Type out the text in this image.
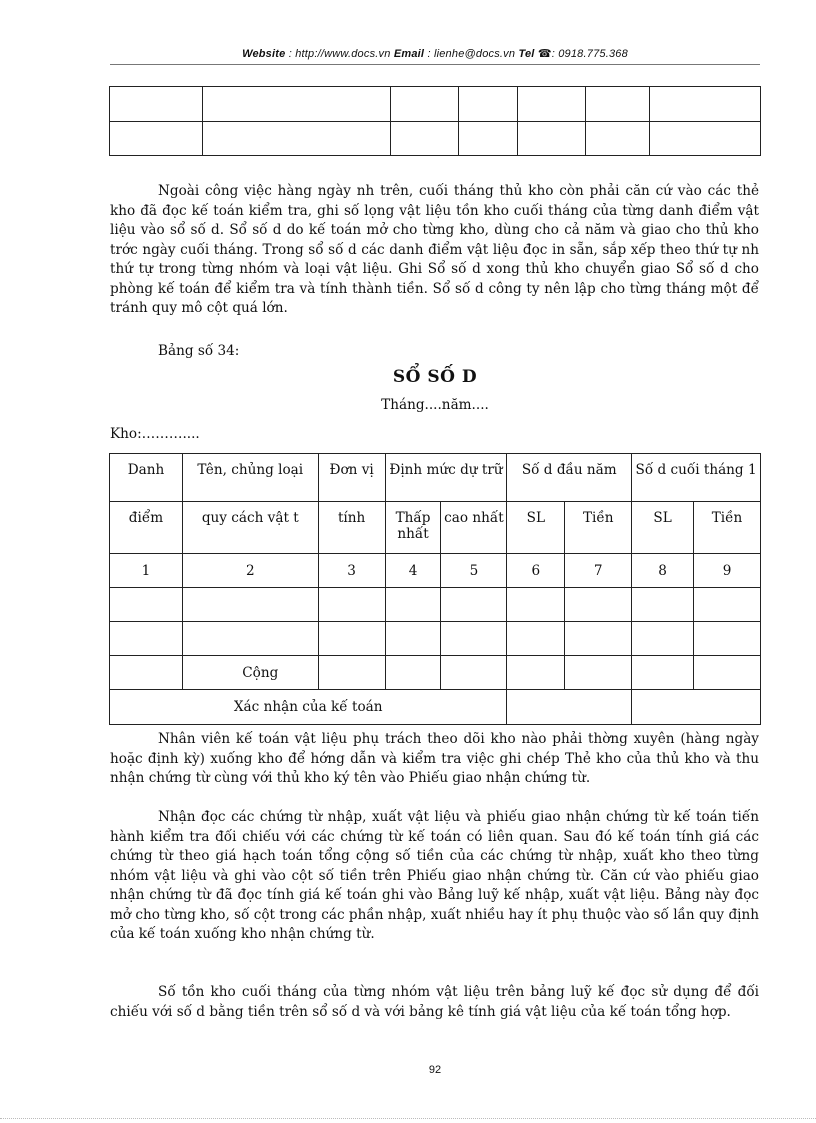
Website : http://www.docs.vn Email : lienhe@docs.vn Tel ☎: 0918.775.368

Ngoài công việc hàng ngày nh trên, cuối tháng thủ kho còn phải căn cứ vào các thẻ kho đã đọc kế toán kiểm tra, ghi số lọng vật liệu tồn kho cuối tháng của từng danh điểm vật liệu vào sổ số d. Sổ số d do kế toán mở cho từng kho, dùng cho cả năm và giao cho thủ kho trớc ngày cuối tháng. Trong sổ số d các danh điểm vật liệu đọc in sẵn, sắp xếp theo thứ tự nh thứ tự trong từng nhóm và loại vật liệu. Ghi Sổ số d xong thủ kho chuyển giao Sổ số d cho phòng kế toán để kiểm tra và tính thành tiền. Sổ số d công ty nên lập cho từng tháng một để tránh quy mô cột quá lớn.

Bảng số 34:
SỔ SỐ D
Tháng....năm....
Kho:………....
Danh	Tên, chủng loại	Đơn vị	Định mức dự trữ		Số d đầu năm		Số d cuối tháng 1	
điểm	quy cách vật t	tính	Thấp nhất	cao nhất	SL	Tiền	SL	Tiền
1	2	3	4	5	6	7	8	9

	Cộng							
Xác nhận của kế toán								

Nhân viên kế toán vật liệu phụ trách theo dõi kho nào phải thờng xuyên (hàng ngày hoặc định kỳ) xuống kho để hớng dẫn và kiểm tra việc ghi chép Thẻ kho của thủ kho và thu nhận chứng từ cùng với thủ kho ký tên vào Phiếu giao nhận chứng từ.

Nhận đọc các chứng từ nhập, xuất vật liệu và phiếu giao nhận chứng từ kế toán tiến hành kiểm tra đối chiếu với các chứng từ kế toán có liên quan. Sau đó kế toán tính giá các chứng từ theo giá hạch toán tổng cộng số tiền của các chứng từ nhập, xuất kho theo từng nhóm vật liệu và ghi vào cột số tiền trên Phiếu giao nhận chứng từ. Căn cứ vào phiếu giao nhận chứng từ đã đọc tính giá kế toán ghi vào Bảng luỹ kế nhập, xuất vật liệu. Bảng này đọc mở cho từng kho, số cột trong các phần nhập, xuất nhiều hay ít phụ thuộc vào số lần quy định của kế toán xuống kho nhận chứng từ.

Số tồn kho cuối tháng của từng nhóm vật liệu trên bảng luỹ kế đọc sử dụng để đối chiếu với số d bằng tiền trên sổ số d và với bảng kê tính giá vật liệu của kế toán tổng hợp.

92
